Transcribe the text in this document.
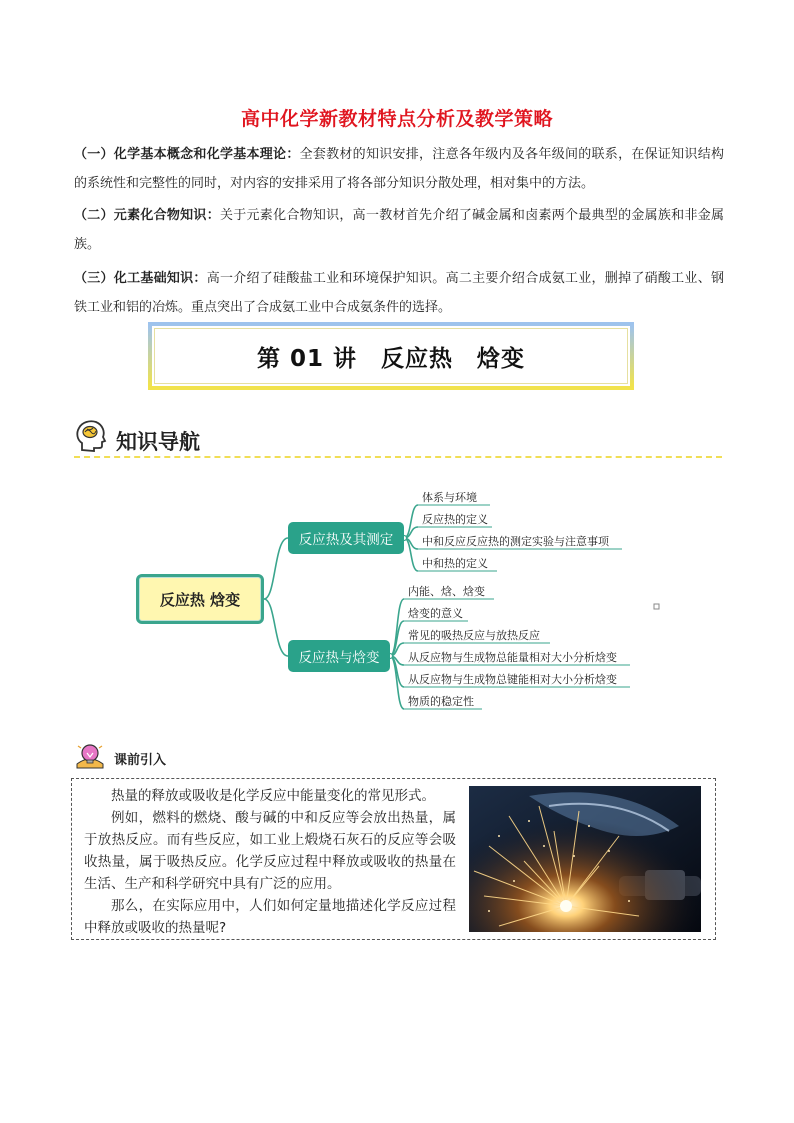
高中化学新教材特点分析及教学策略
（一）化学基本概念和化学基本理论：全套教材的知识安排，注意各年级内及各年级间的联系，在保证知识结构的系统性和完整性的同时，对内容的安排采用了将各部分知识分散处理，相对集中的方法。
（二）元素化合物知识：关于元素化合物知识，高一教材首先介绍了碱金属和卤素两个最典型的金属族和非金属族。
（三）化工基础知识：高一介绍了硅酸盐工业和环境保护知识。高二主要介绍合成氨工业，删掉了硝酸工业、钢铁工业和铝的冶炼。重点突出了合成氨工业中合成氨条件的选择。
第 01 讲　反应热　焓变
知识导航
反应热 焓变
反应热及其测定
反应热与焓变
体系与环境
反应热的定义
中和反应反应热的测定实验与注意事项
中和热的定义
内能、焓、焓变
焓变的意义
常见的吸热反应与放热反应
从反应物与生成物总能量相对大小分析焓变
从反应物与生成物总键能相对大小分析焓变
物质的稳定性
课前引入

热量的释放或吸收是化学反应中能量变化的常见形式。

例如，燃料的燃烧、酸与碱的中和反应等会放出热量，属于放热反应。而有些反应，如工业上煅烧石灰石的反应等会吸收热量，属于吸热反应。化学反应过程中释放或吸收的热量在生活、生产和科学研究中具有广泛的应用。

那么，在实际应用中，人们如何定量地描述化学反应过程中释放或吸收的热量呢?
